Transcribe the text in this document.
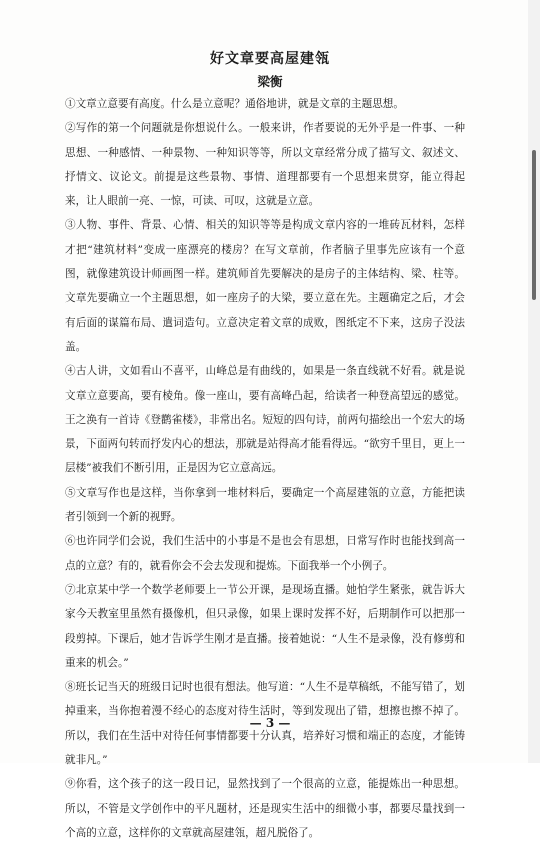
好文章要高屋建瓴
梁衡

①文章立意要有高度。什么是立意呢？通俗地讲，就是文章的主题思想。

②写作的第一个问题就是你想说什么。一般来讲，作者要说的无外乎是一件事、一种思想、一种感情、一种景物、一种知识等等，所以文章经常分成了描写文、叙述文、抒情文、议论文。前提是这些景物、事情、道理都要有一个思想来贯穿，能立得起来，让人眼前一亮、一惊，可读、可叹，这就是立意。

③人物、事件、背景、心情、相关的知识等等是构成文章内容的一堆砖瓦材料，怎样才把“建筑材料”变成一座漂亮的楼房？在写文章前，作者脑子里事先应该有一个意图，就像建筑设计师画图一样。建筑师首先要解决的是房子的主体结构、梁、柱等。文章先要确立一个主题思想，如一座房子的大梁，要立意在先。主题确定之后，才会有后面的谋篇布局、遣词造句。立意决定着文章的成败，图纸定不下来，这房子没法盖。

④古人讲，文如看山不喜平，山峰总是有曲线的，如果是一条直线就不好看。就是说文章立意要高，要有棱角。像一座山，要有高峰凸起，给读者一种登高望远的感觉。王之涣有一首诗《登鹳雀楼》，非常出名。短短的四句诗，前两句描绘出一个宏大的场景，下面两句转而抒发内心的想法，那就是站得高才能看得远。“欲穷千里目，更上一层楼”被我们不断引用，正是因为它立意高远。

⑤文章写作也是这样，当你拿到一堆材料后，要确定一个高屋建瓴的立意，方能把读者引领到一个新的视野。

⑥也许同学们会说，我们生活中的小事是不是也会有思想，日常写作时也能找到高一点的立意？有的，就看你会不会去发现和提炼。下面我举一个小例子。

⑦北京某中学一个数学老师要上一节公开课，是现场直播。她怕学生紧张，就告诉大家今天教室里虽然有摄像机，但只录像，如果上课时发挥不好，后期制作可以把那一段剪掉。下课后，她才告诉学生刚才是直播。接着她说：“人生不是录像，没有修剪和重来的机会。”

⑧班长记当天的班级日记时也很有想法。他写道：“人生不是草稿纸，不能写错了，划掉重来，当你抱着漫不经心的态度对待生活时，等到发现出了错，想擦也擦不掉了。所以，我们在生活中对待任何事情都要十分认真，培养好习惯和端正的态度，才能铸就非凡。”

⑨你看，这个孩子的这一段日记，显然找到了一个很高的立意，能提炼出一种思想。所以，不管是文学创作中的平凡题材，还是现实生活中的细微小事，都要尽量找到一个高的立意，这样你的文章就高屋建瓴，超凡脱俗了。

— 3 —
